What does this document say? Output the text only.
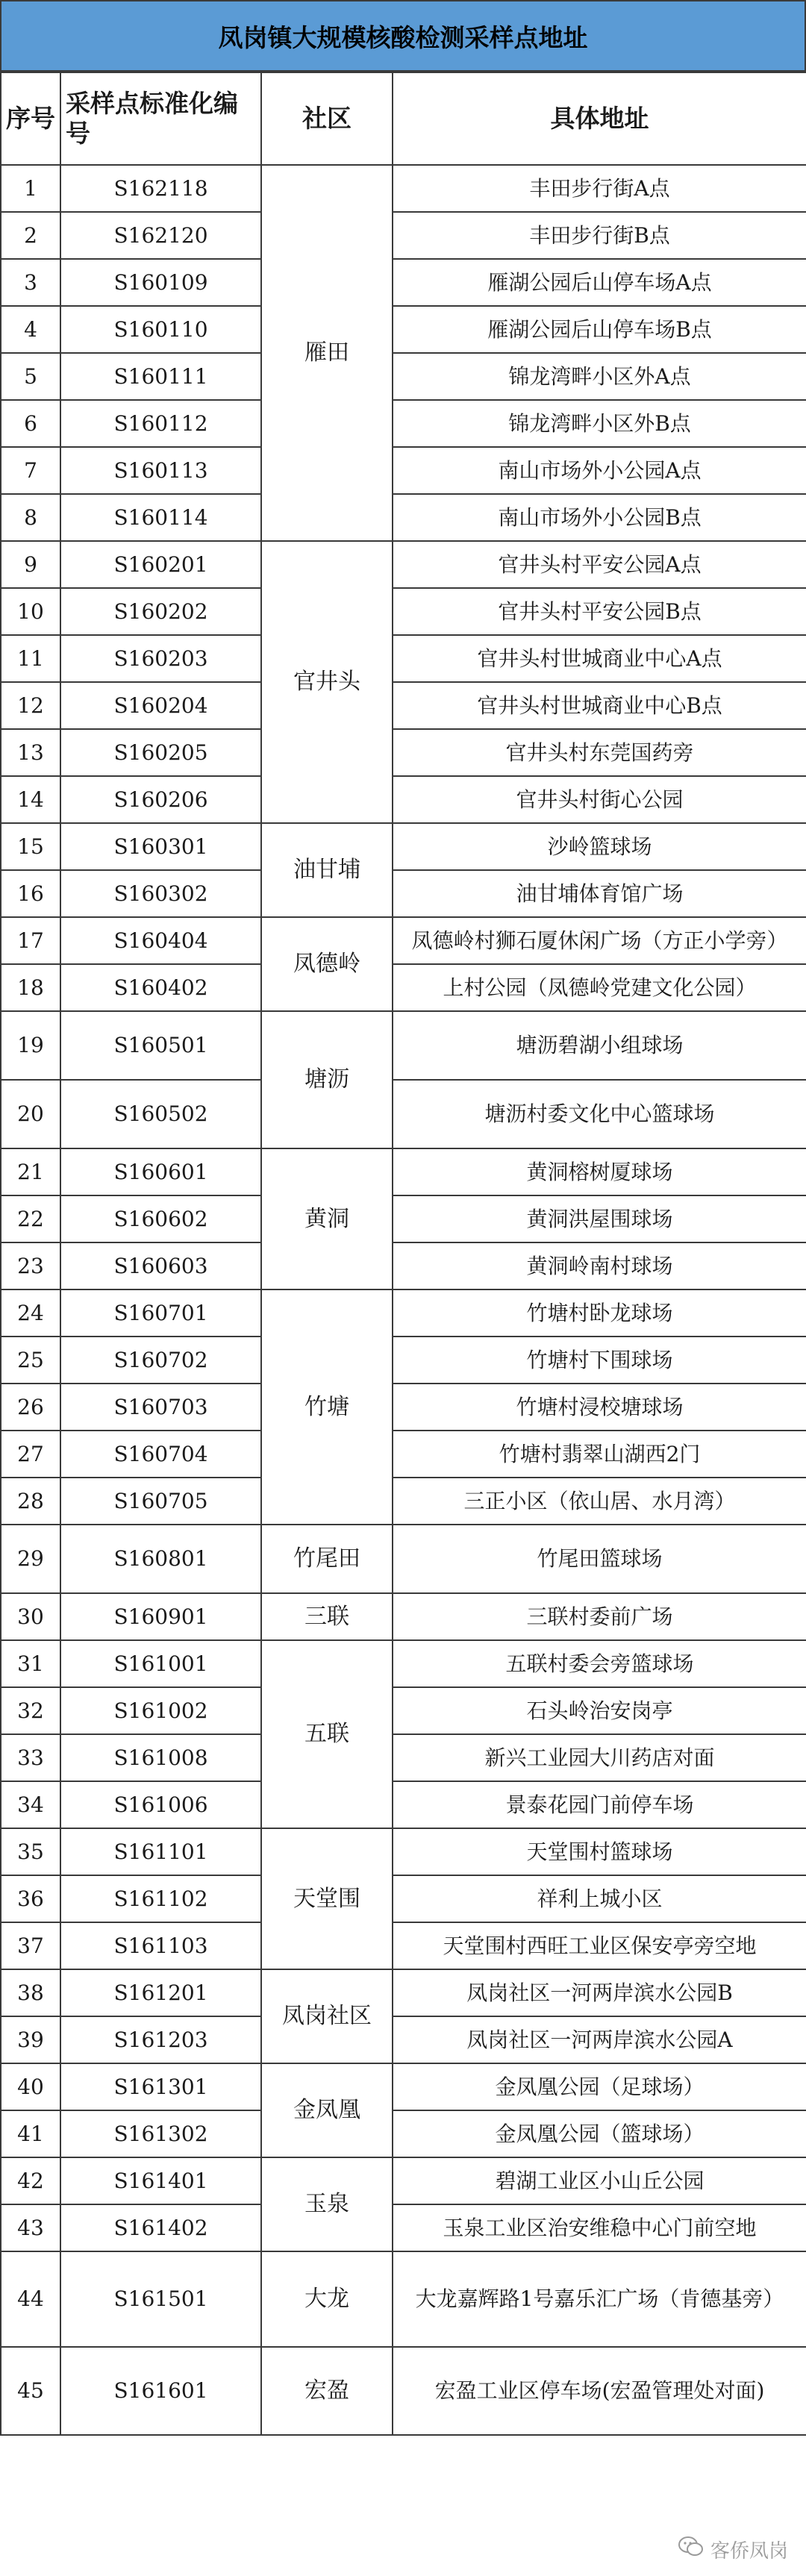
凤岗镇大规模核酸检测采样点地址
序号	采样点标准化编号	社区	具体地址
1	S162118	雁田	丰田步行街A点
2	S162120		丰田步行街B点
3	S160109		雁湖公园后山停车场A点
4	S160110		雁湖公园后山停车场B点
5	S160111		锦龙湾畔小区外A点
6	S160112		锦龙湾畔小区外B点
7	S160113		南山市场外小公园A点
8	S160114		南山市场外小公园B点
9	S160201	官井头	官井头村平安公园A点
10	S160202		官井头村平安公园B点
11	S160203		官井头村世城商业中心A点
12	S160204		官井头村世城商业中心B点
13	S160205		官井头村东莞国药旁
14	S160206		官井头村街心公园
15	S160301	油甘埔	沙岭篮球场
16	S160302		油甘埔体育馆广场
17	S160404	凤德岭	凤德岭村狮石厦休闲广场（方正小学旁）
18	S160402		上村公园（凤德岭党建文化公园）
19	S160501	塘沥	塘沥碧湖小组球场
20	S160502		塘沥村委文化中心篮球场
21	S160601	黄洞	黄洞榕树厦球场
22	S160602		黄洞洪屋围球场
23	S160603		黄洞岭南村球场
24	S160701	竹塘	竹塘村卧龙球场
25	S160702		竹塘村下围球场
26	S160703		竹塘村浸校塘球场
27	S160704		竹塘村翡翠山湖西2门
28	S160705		三正小区（依山居、水月湾）
29	S160801	竹尾田	竹尾田篮球场
30	S160901	三联	三联村委前广场
31	S161001	五联	五联村委会旁篮球场
32	S161002		石头岭治安岗亭
33	S161008		新兴工业园大川药店对面
34	S161006		景泰花园门前停车场
35	S161101	天堂围	天堂围村篮球场
36	S161102		祥利上城小区
37	S161103		天堂围村西旺工业区保安亭旁空地
38	S161201	凤岗社区	凤岗社区一河两岸滨水公园B
39	S161203		凤岗社区一河两岸滨水公园A
40	S161301	金凤凰	金凤凰公园（足球场）
41	S161302		金凤凰公园（篮球场）
42	S161401	玉泉	碧湖工业区小山丘公园
43	S161402		玉泉工业区治安维稳中心门前空地
44	S161501	大龙	大龙嘉辉路1号嘉乐汇广场（肯德基旁）
45	S161601	宏盈	宏盈工业区停车场(宏盈管理处对面)
客侨凤岗
